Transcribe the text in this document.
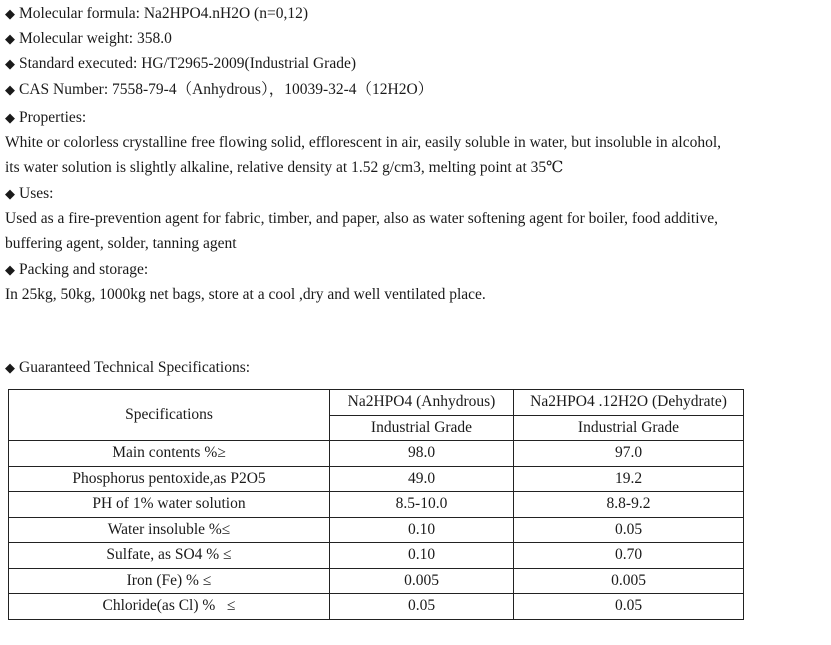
◆ Molecular formula: Na2HPO4.nH2O (n=0,12)
◆ Molecular weight: 358.0
◆ Standard executed: HG/T2965-2009(Industrial Grade)
◆ CAS Number: 7558-79-4（Anhydrous），10039-32-4（12H2O）
◆ Properties:
White or colorless crystalline free flowing solid, efflorescent in air, easily soluble in water, but insoluble in alcohol,
its water solution is slightly alkaline, relative density at 1.52 g/cm3, melting point at 35℃
◆ Uses:
Used as a fire-prevention agent for fabric, timber, and paper, also as water softening agent for boiler, food additive,
buffering agent, solder, tanning agent
◆ Packing and storage:
In 25kg, 50kg, 1000kg net bags, store at a cool ,dry and well ventilated place.
◆ Guaranteed Technical Specifications:
Specifications	Na2HPO4 (Anhydrous)	Na2HPO4 .12H2O (Dehydrate)
	Industrial Grade	Industrial Grade
Main contents %≥	98.0	97.0
Phosphorus pentoxide,as P2O5	49.0	19.2
PH of 1% water solution	8.5-10.0	8.8-9.2
Water insoluble %≤	0.10	0.05
Sulfate, as SO4 % ≤	0.10	0.70
Iron (Fe) % ≤	0.005	0.005
Chloride(as Cl) %   ≤	0.05	0.05
